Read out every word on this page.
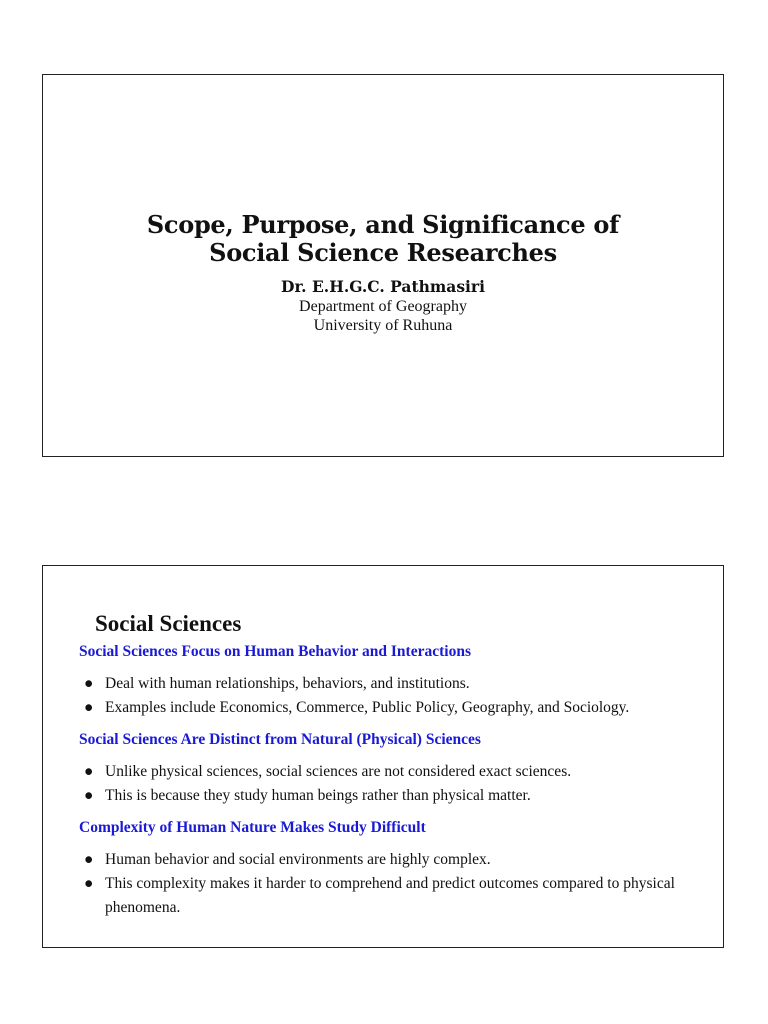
Scope, Purpose, and Significance of
Social Science Researches
Dr. E.H.G.C. Pathmasiri
Department of Geography
University of Ruhuna
Social Sciences
Social Sciences Focus on Human Behavior and Interactions
● Deal with human relationships, behaviors, and institutions.
● Examples include Economics, Commerce, Public Policy, Geography, and Sociology.
Social Sciences Are Distinct from Natural (Physical) Sciences
● Unlike physical sciences, social sciences are not considered exact sciences.
● This is because they study human beings rather than physical matter.
Complexity of Human Nature Makes Study Difficult
● Human behavior and social environments are highly complex.
● This complexity makes it harder to comprehend and predict outcomes compared to physical phenomena.
